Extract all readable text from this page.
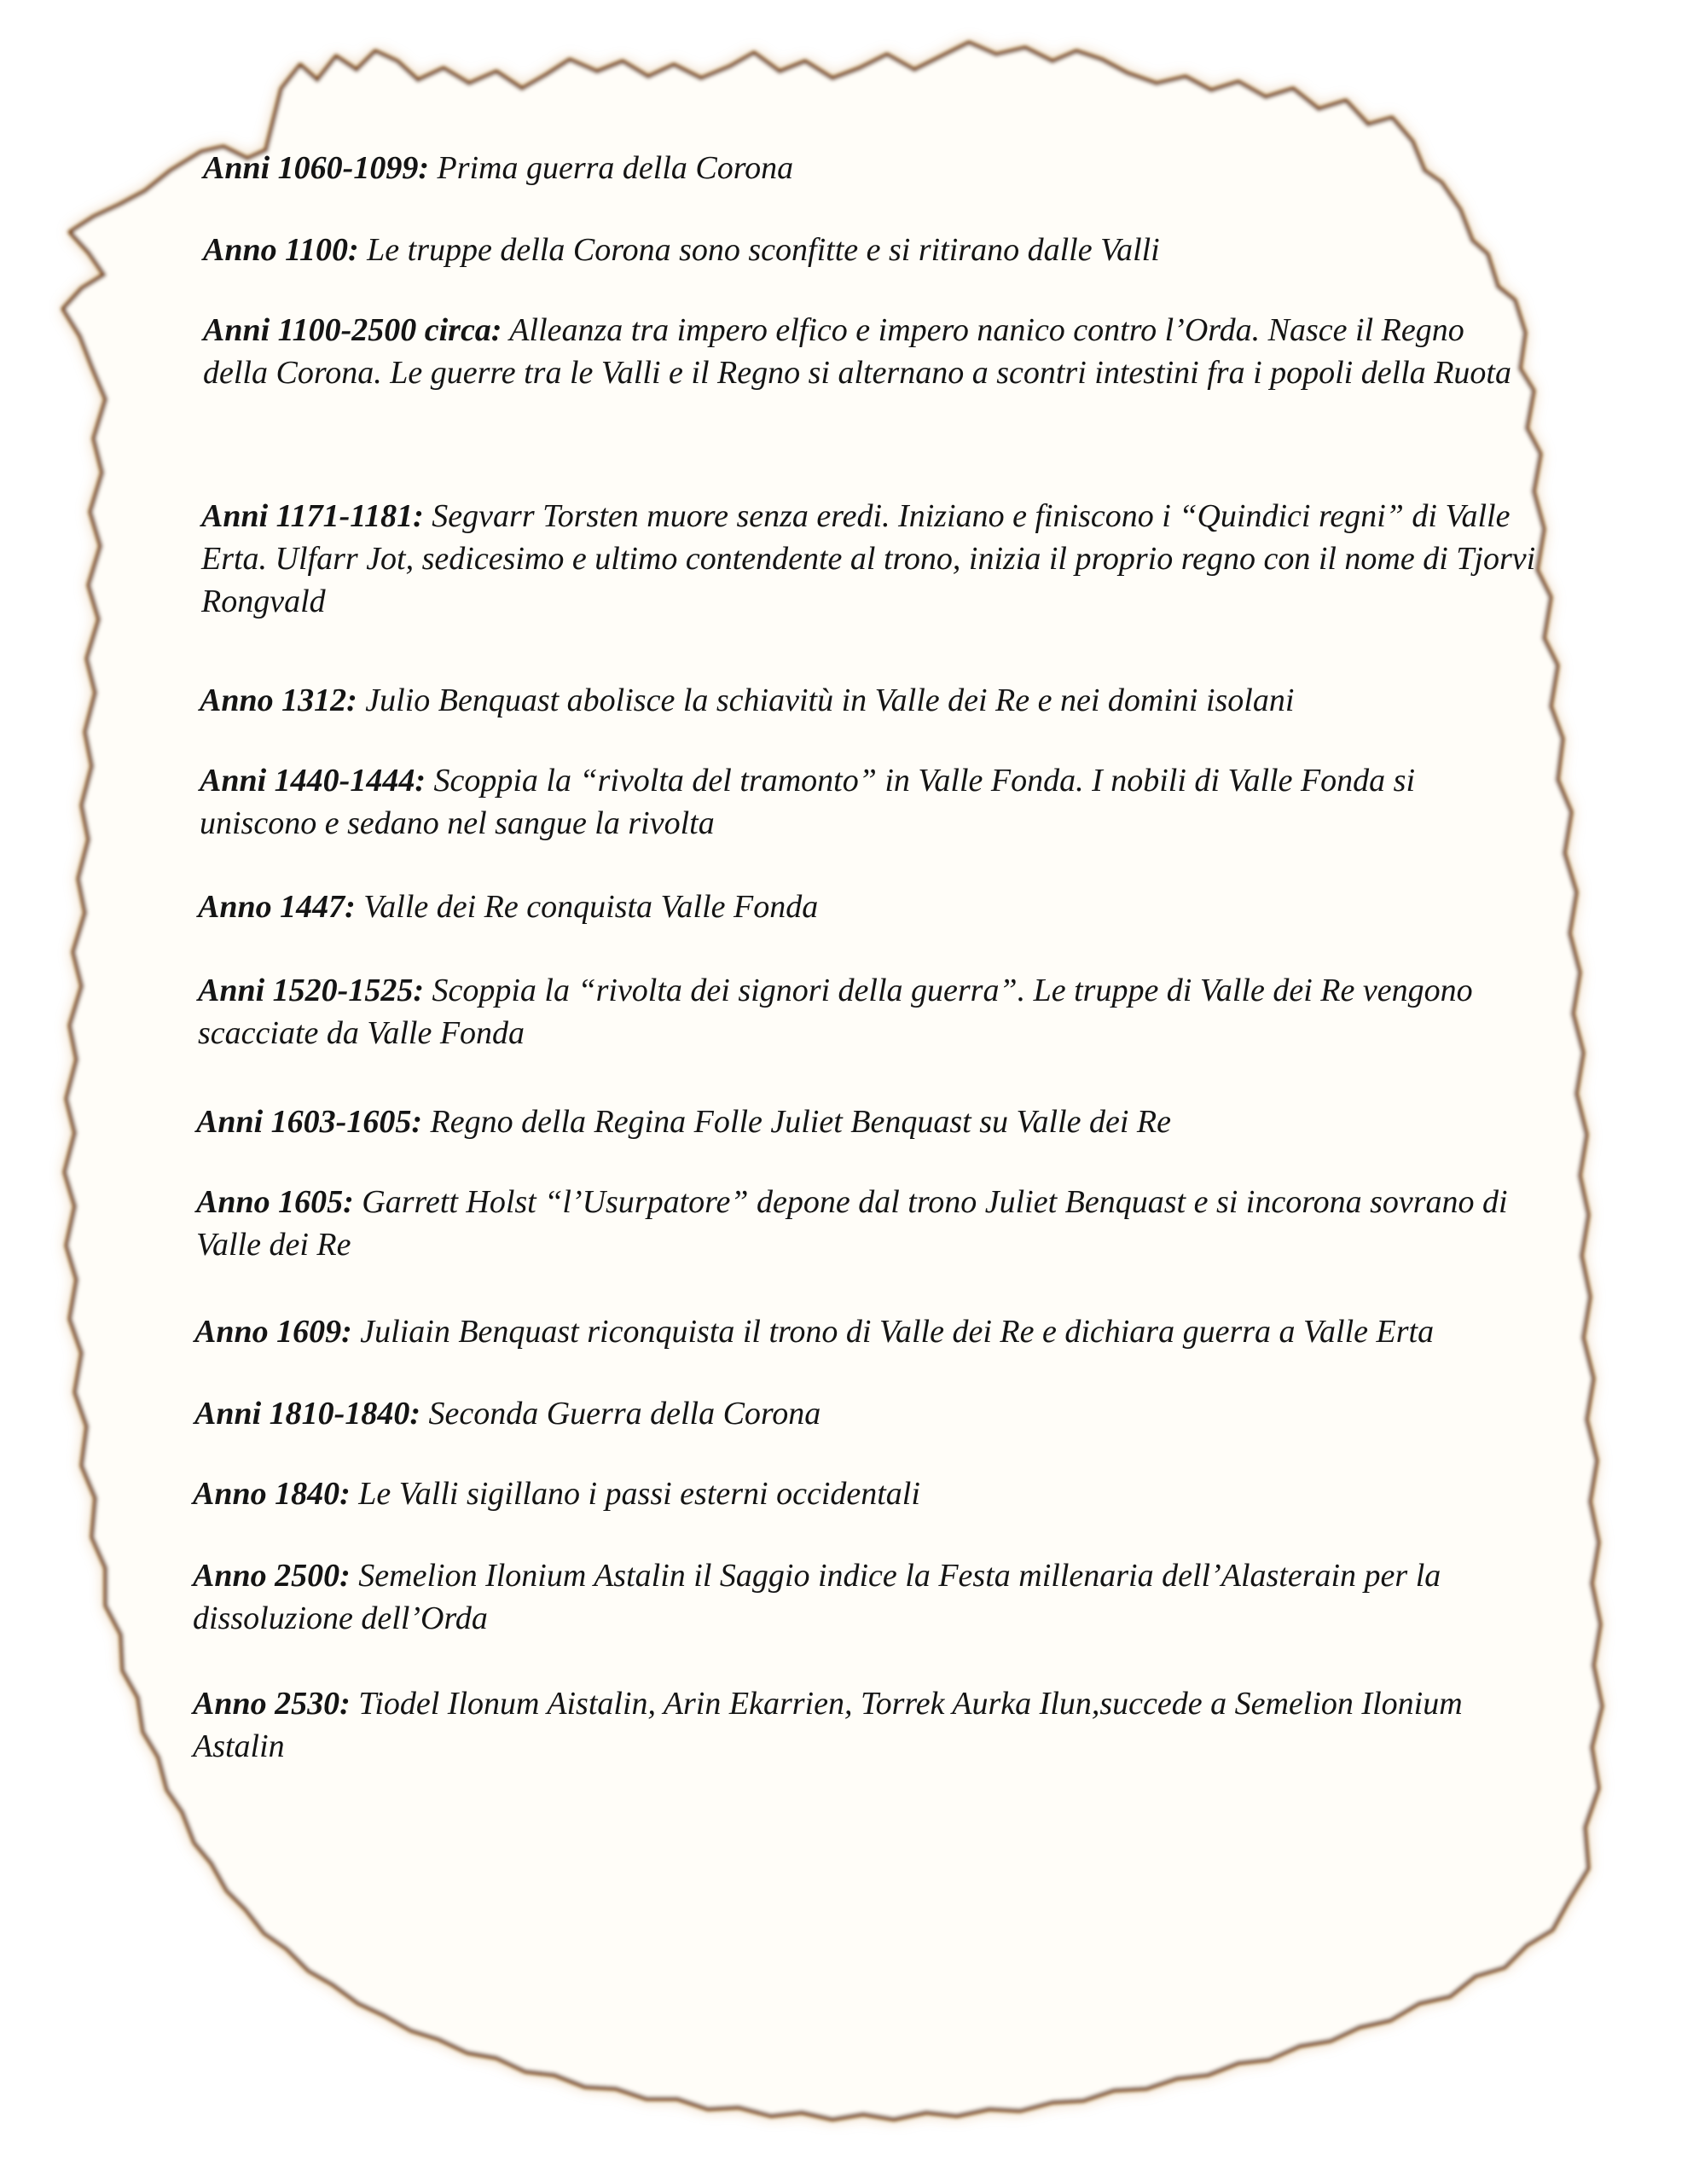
Anni 1060-1099: Prima guerra della Corona
Anno 1100: Le truppe della Corona sono sconfitte e si ritirano dalle Valli
Anni 1100-2500 circa: Alleanza tra impero elfico e impero nanico contro l’Orda. Nasce il Regno della Corona. Le guerre tra le Valli e il Regno si alternano a scontri intestini fra i popoli della Ruota
Anni 1171-1181: Segvarr Torsten muore senza eredi. Iniziano e finiscono i “Quindici regni” di Valle Erta. Ulfarr Jot, sedicesimo e ultimo contendente al trono, inizia il proprio regno con il nome di Tjorvi Rongvald
Anno 1312: Julio Benquast abolisce la schiavitù in Valle dei Re e nei domini isolani
Anni 1440-1444: Scoppia la “rivolta del tramonto” in Valle Fonda. I nobili di Valle Fonda si uniscono e sedano nel sangue la rivolta
Anno 1447: Valle dei Re conquista Valle Fonda
Anni 1520-1525: Scoppia la “rivolta dei signori della guerra”. Le truppe di Valle dei Re vengono scacciate da Valle Fonda
Anni 1603-1605: Regno della Regina Folle Juliet Benquast su Valle dei Re
Anno 1605: Garrett Holst “l’Usurpatore” depone dal trono Juliet Benquast e si incorona sovrano di Valle dei Re
Anno 1609: Juliain Benquast riconquista il trono di Valle dei Re e dichiara guerra a Valle Erta
Anni 1810-1840: Seconda Guerra della Corona
Anno 1840: Le Valli sigillano i passi esterni occidentali
Anno 2500: Semelion Ilonium Astalin il Saggio indice la Festa millenaria dell’Alasterain per la dissoluzione dell’Orda
Anno 2530: Tiodel Ilonum Aistalin, Arin Ekarrien, Torrek Aurka Ilun,succede a Semelion Ilonium Astalin
